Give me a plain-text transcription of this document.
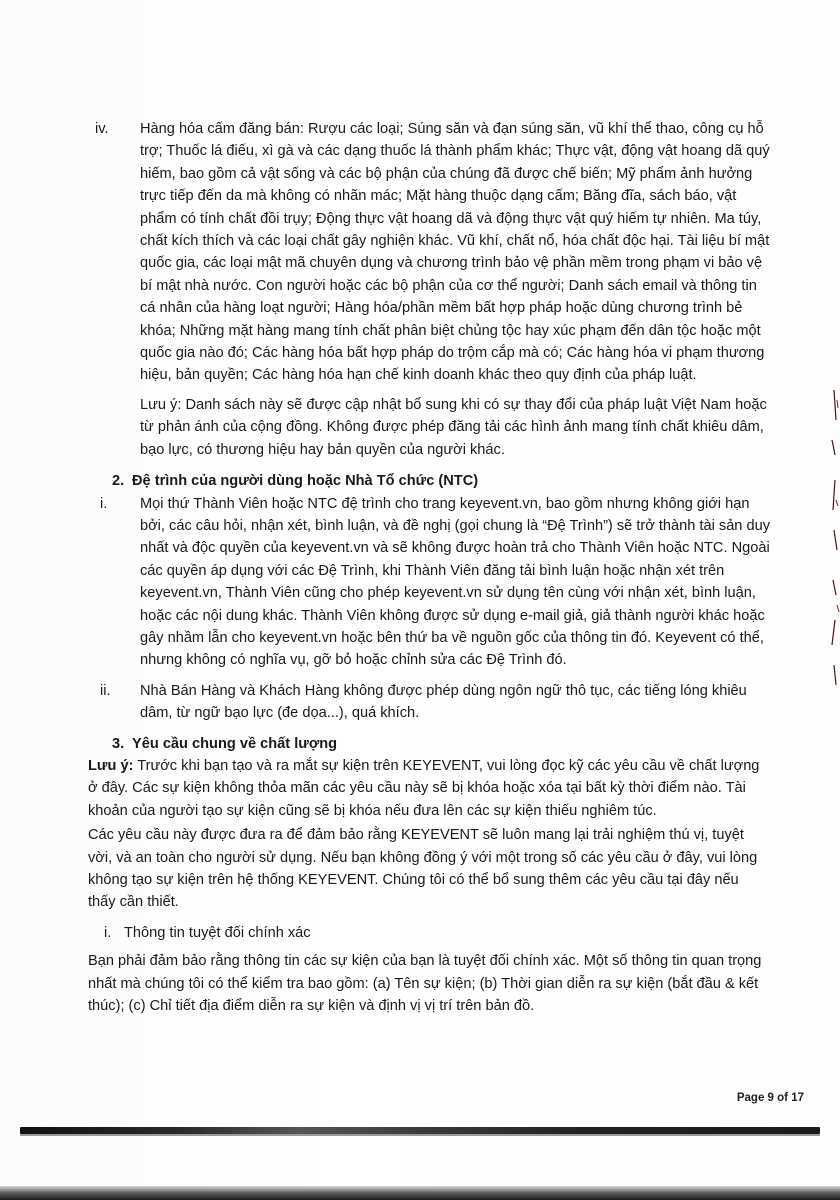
iv. Hàng hóa cấm đăng bán: Rượu các loại; Súng săn và đạn súng săn, vũ khí thể thao, công cụ hỗ trợ; Thuốc lá điếu, xì gà và các dạng thuốc lá thành phẩm khác; Thực vật, động vật hoang dã quý hiếm, bao gồm cả vật sống và các bộ phận của chúng đã được chế biến; Mỹ phẩm ảnh hưởng trực tiếp đến da mà không có nhãn mác; Mặt hàng thuộc dạng cấm; Băng đĩa, sách báo, vật phẩm có tính chất đồi trụy; Động thực vật hoang dã và động thực vật quý hiếm tự nhiên. Ma túy, chất kích thích và các loại chất gây nghiện khác. Vũ khí, chất nổ, hóa chất độc hại. Tài liệu bí mật quốc gia, các loại mật mã chuyên dụng và chương trình bảo vệ phần mềm trong phạm vi bảo vệ bí mật nhà nước. Con người hoặc các bộ phận của cơ thể người; Danh sách email và thông tin cá nhân của hàng loạt người; Hàng hóa/phần mềm bất hợp pháp hoặc dùng chương trình bẻ khóa; Những mặt hàng mang tính chất phân biệt chủng tộc hay xúc phạm đến dân tộc hoặc một quốc gia nào đó; Các hàng hóa bất hợp pháp do trộm cắp mà có; Các hàng hóa vi phạm thương hiệu, bản quyền; Các hàng hóa hạn chế kinh doanh khác theo quy định của pháp luật.

Lưu ý: Danh sách này sẽ được cập nhật bổ sung khi có sự thay đổi của pháp luật Việt Nam hoặc từ phản ánh của cộng đồng. Không được phép đăng tải các hình ảnh mang tính chất khiêu dâm, bạo lực, có thương hiệu hay bản quyền của người khác.

2. Đệ trình của người dùng hoặc Nhà Tổ chức (NTC)
i. Mọi thứ Thành Viên hoặc NTC đệ trình cho trang keyevent.vn, bao gồm nhưng không giới hạn bởi, các câu hỏi, nhận xét, bình luận, và đề nghị (gọi chung là “Đệ Trình”) sẽ trở thành tài sản duy nhất và độc quyền của keyevent.vn và sẽ không được hoàn trả cho Thành Viên hoặc NTC. Ngoài các quyền áp dụng với các Đệ Trình, khi Thành Viên đăng tải bình luận hoặc nhận xét trên keyevent.vn, Thành Viên cũng cho phép keyevent.vn sử dụng tên cùng với nhận xét, bình luận, hoặc các nội dung khác. Thành Viên không được sử dụng e-mail giả, giả thành người khác hoặc gây nhầm lẫn cho keyevent.vn hoặc bên thứ ba về nguồn gốc của thông tin đó. Keyevent có thể, nhưng không có nghĩa vụ, gỡ bỏ hoặc chỉnh sửa các Đệ Trình đó.

ii. Nhà Bán Hàng và Khách Hàng không được phép dùng ngôn ngữ thô tục, các tiếng lóng khiêu dâm, từ ngữ bạo lực (đe dọa...), quá khích.

3. Yêu cầu chung về chất lượng

Lưu ý: Trước khi bạn tạo và ra mắt sự kiện trên KEYEVENT, vui lòng đọc kỹ các yêu cầu về chất lượng ở đây. Các sự kiện không thỏa mãn các yêu cầu này sẽ bị khóa hoặc xóa tại bất kỳ thời điểm nào. Tài khoản của người tạo sự kiện cũng sẽ bị khóa nếu đưa lên các sự kiện thiếu nghiêm túc.

Các yêu cầu này được đưa ra để đảm bảo rằng KEYEVENT sẽ luôn mang lại trải nghiệm thú vị, tuyệt vời, và an toàn cho người sử dụng. Nếu bạn không đồng ý với một trong số các yêu cầu ở đây, vui lòng không tạo sự kiện trên hệ thống KEYEVENT. Chúng tôi có thể bổ sung thêm các yêu cầu tại đây nếu thấy cần thiết.

i. Thông tin tuyệt đối chính xác

Bạn phải đảm bảo rằng thông tin các sự kiện của bạn là tuyệt đối chính xác. Một số thông tin quan trọng nhất mà chúng tôi có thể kiểm tra bao gồm: (a) Tên sự kiện; (b) Thời gian diễn ra sự kiện (bắt đầu & kết thúc); (c) Chỉ tiết địa điểm diễn ra sự kiện và định vị vị trí trên bản đồ.

Page 9 of 17
